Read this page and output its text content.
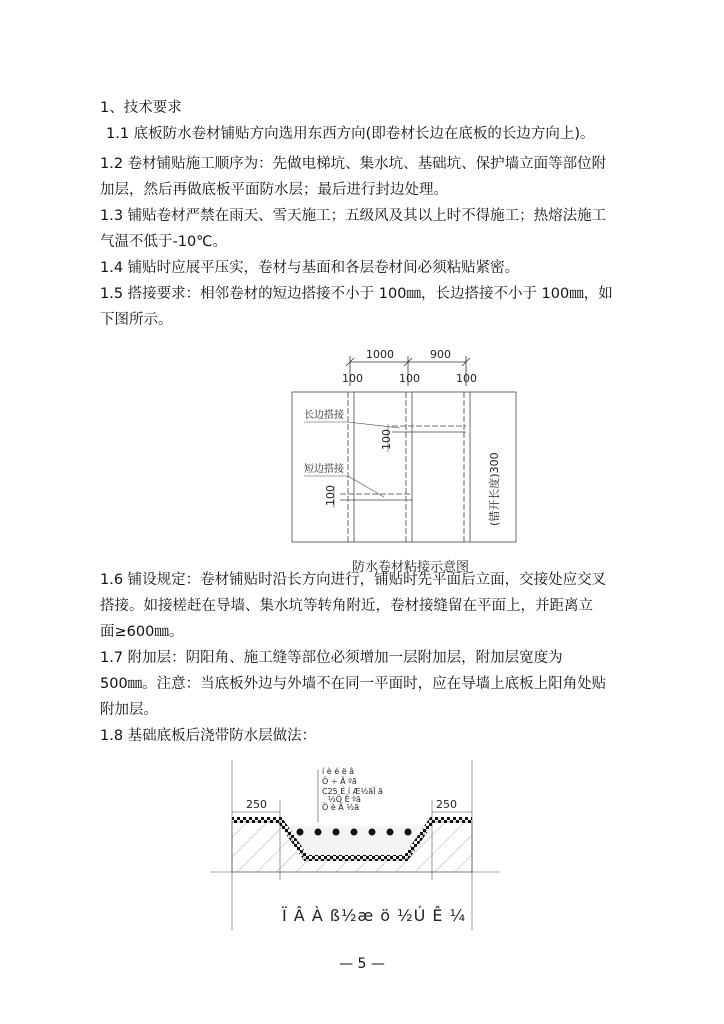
1、技术要求
1.1 底板防水卷材铺贴方向选用东西方向(即卷材长边在底板的长边方向上)。
1.2 卷材铺贴施工顺序为：先做电梯坑、集水坑、基础坑、保护墙立面等部位附
加层，然后再做底板平面防水层；最后进行封边处理。
1.3 铺贴卷材严禁在雨天、雪天施工；五级风及其以上时不得施工；热熔法施工
气温不低于-10℃。
1.4 铺贴时应展平压实，卷材与基面和各层卷材间必须粘贴紧密。
1.5 搭接要求：相邻卷材的短边搭接不小于 100㎜，长边搭接不小于 100㎜，如
下图所示。
1000	900
100	100	100
长边搭接
短边搭接
100
100	(错开长度)300
防水卷材粘接示意图
1.6 铺设规定：卷材铺贴时沿长方向进行，铺贴时先平面后立面，交接处应交叉
搭接。如接槎赶在导墙、集水坑等转角附近，卷材接缝留在平面上，并距离立
面≥600㎜。
1.7 附加层：阴阳角、施工缝等部位必须增加一层附加层，附加层宽度为
500㎜。注意：当底板外边与外墙不在同一平面时，应在导墙上底板上阳角处贴
附加层。
1.8 基础底板后浇带防水层做法：
250	250
í è é ë â
Ö ÷ Ã ºã
C25 É í Æ½ãÏ ã
½Ö Ê ºã
Ö è Ã ½ã
Ï Â À ß½æ ö ½Ú Ê ¼
— 5 —
